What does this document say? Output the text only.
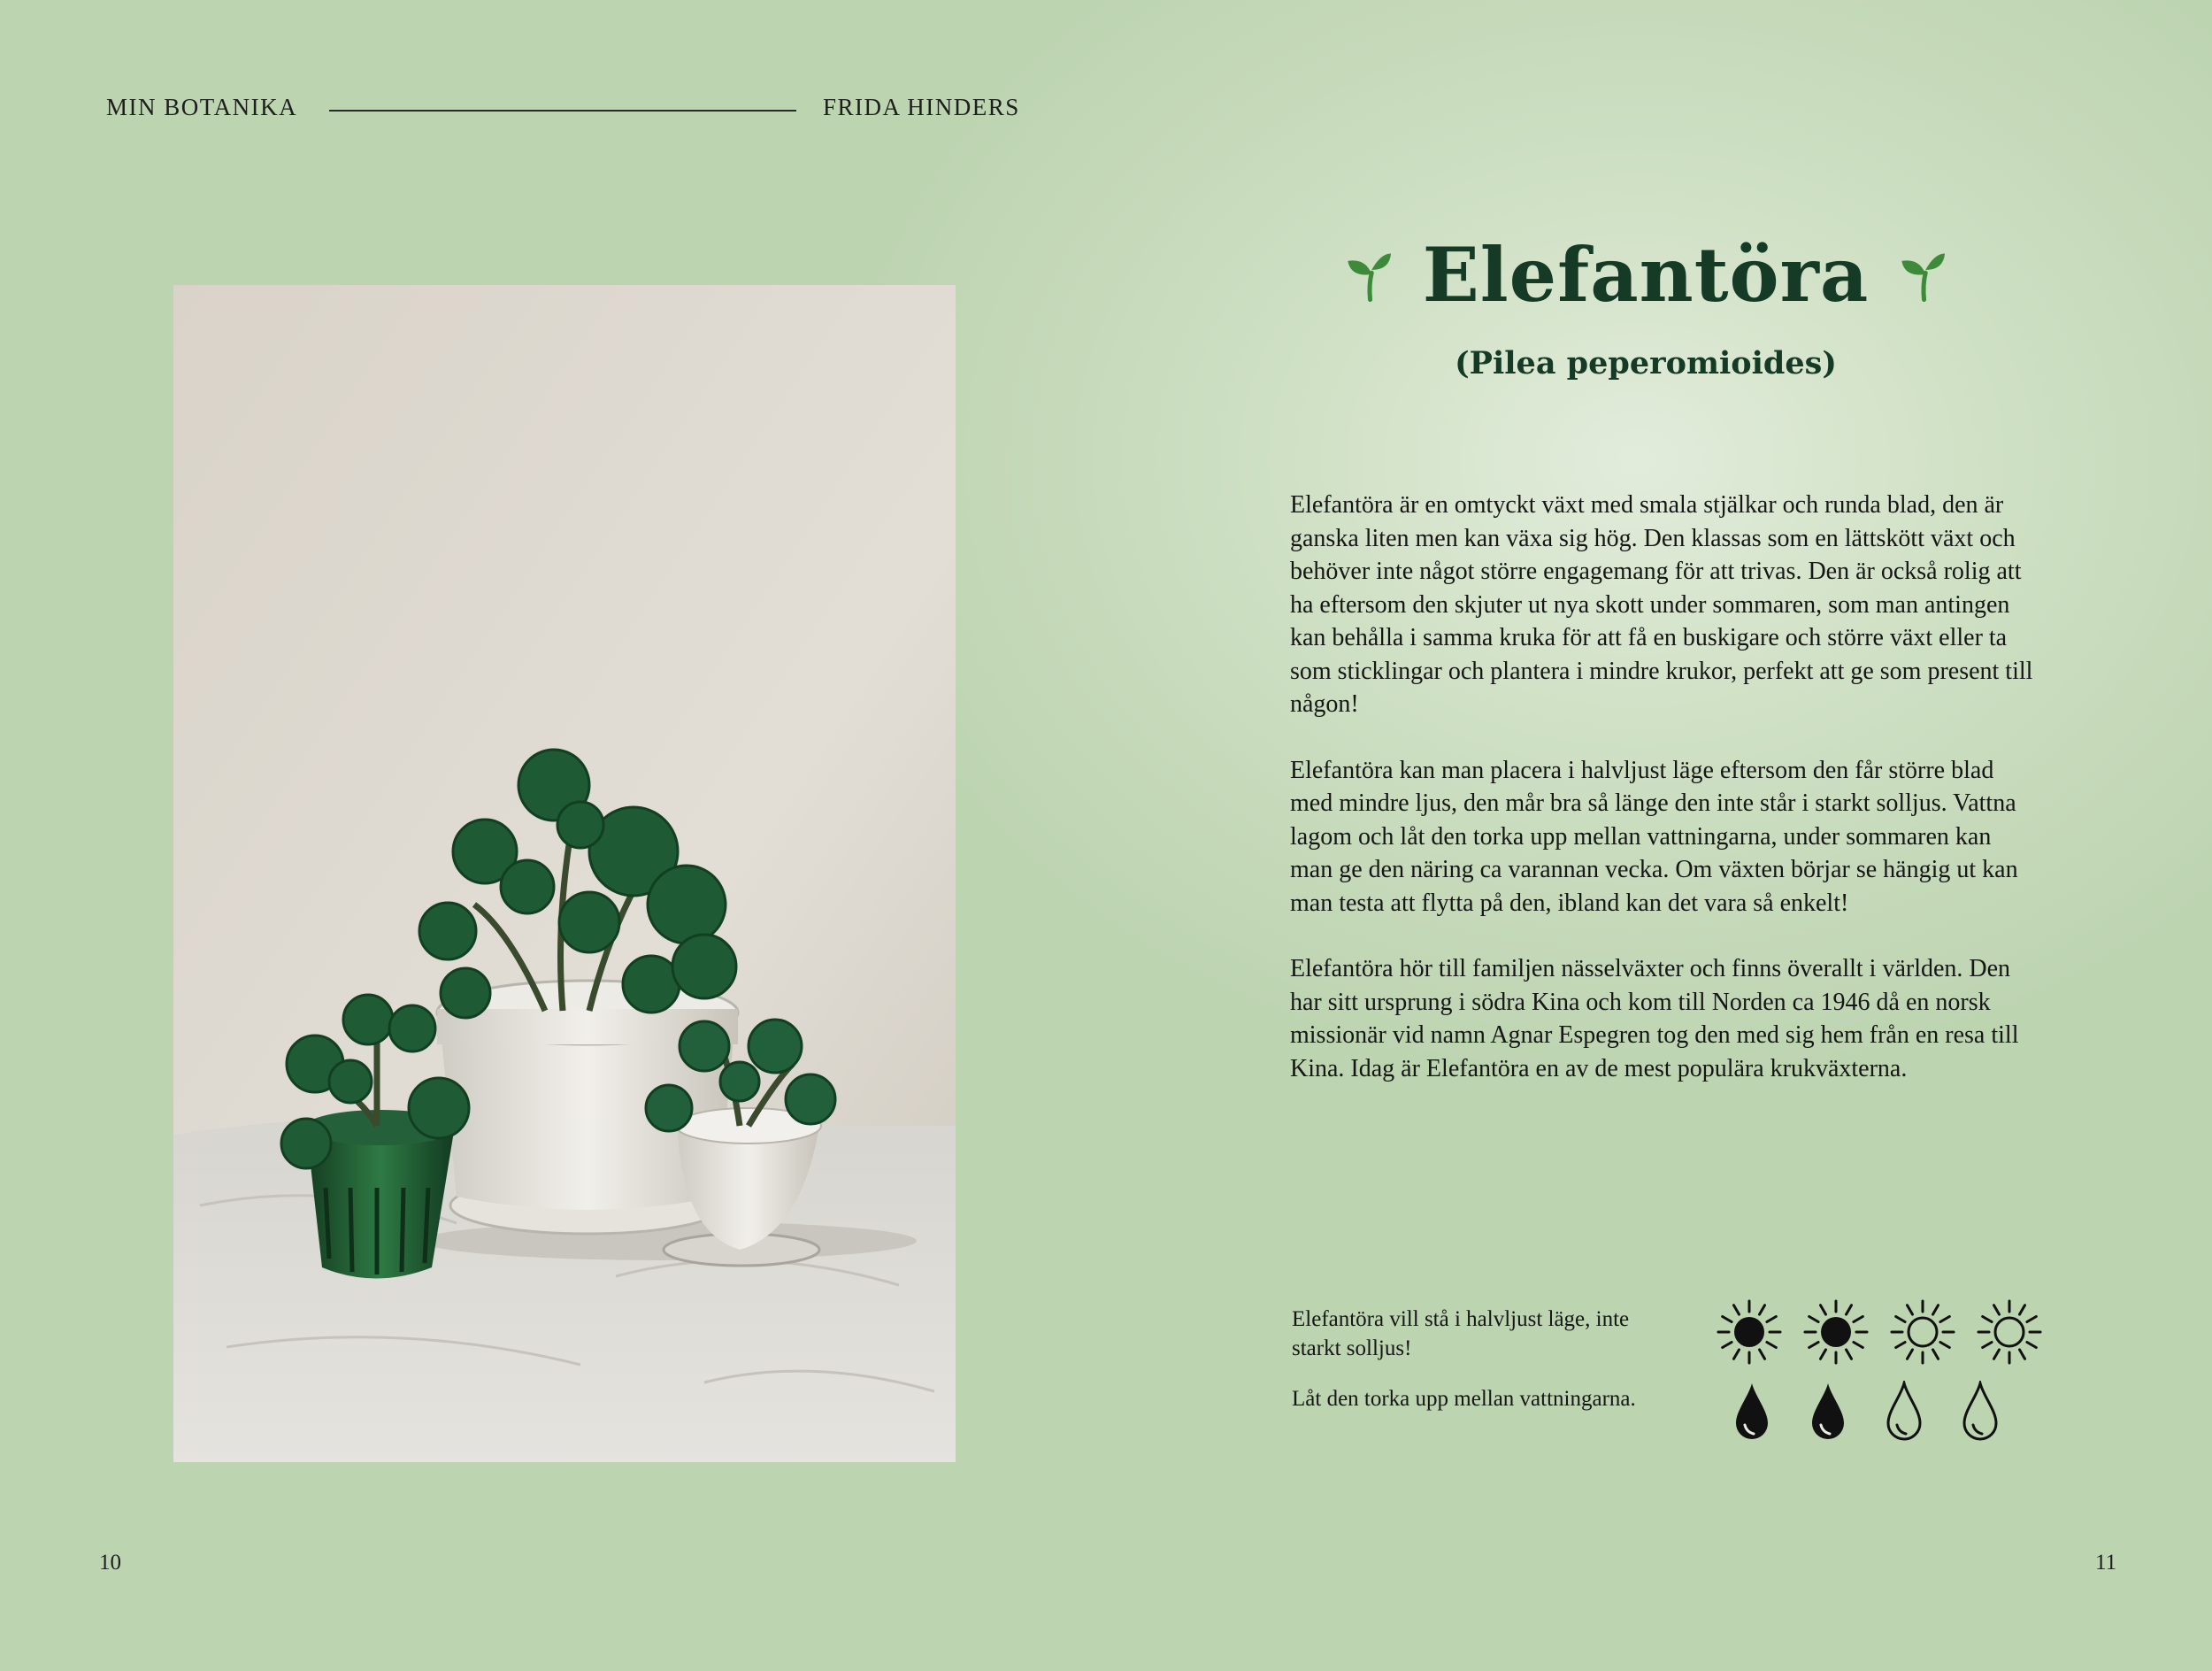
MIN BOTANIKA	FRIDA HINDERS
Elefantöra
(Pilea peperomioides)

Elefantöra är en omtyckt växt med smala stjälkar och runda blad, den är ganska liten men kan växa sig hög. Den klassas som en lättskött växt och behöver inte något större engagemang för att trivas. Den är också rolig att ha eftersom den skjuter ut nya skott under sommaren, som man antingen kan behålla i samma kruka för att få en buskigare och större växt eller ta som sticklingar och plantera i mindre krukor, perfekt att ge som present till någon!

Elefantöra kan man placera i halvljust läge eftersom den får större blad med mindre ljus, den mår bra så länge den inte står i starkt solljus. Vattna lagom och låt den torka upp mellan vattningarna, under sommaren kan man ge den näring ca varannan vecka. Om växten börjar se hängig ut kan man testa att flytta på den, ibland kan det vara så enkelt!

Elefantöra hör till familjen nässelväxter och finns överallt i världen. Den har sitt ursprung i södra Kina och kom till Norden ca 1946 då en norsk missionär vid namn Agnar Espegren tog den med sig hem från en resa till Kina. Idag är Elefantöra en av de mest populära krukväxterna.

Elefantöra vill stå i halvljust läge, inte starkt solljus!
Låt den torka upp mellan vattningarna.
10	11
